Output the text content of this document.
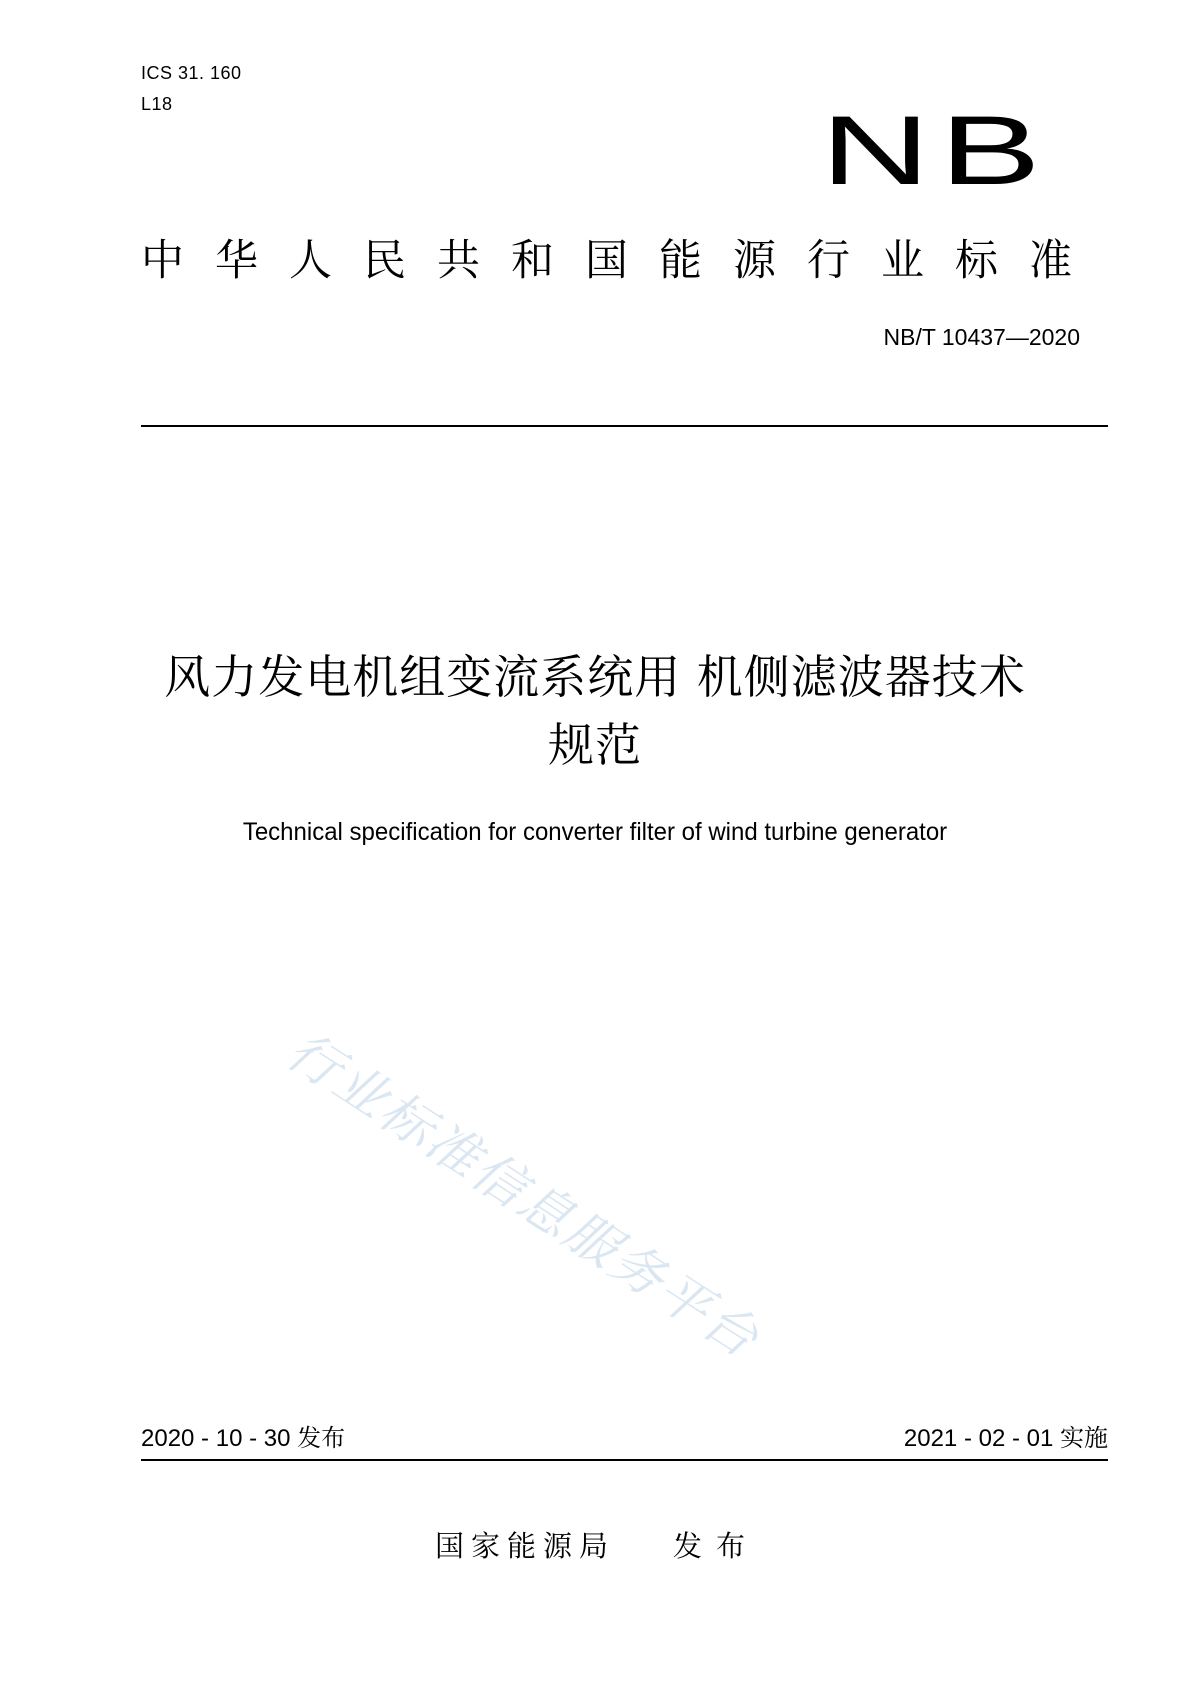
ICS 31. 160
L18	NB
中华人民共和国能源行业标准
NB/T 10437—2020
风力发电机组变流系统用 机侧滤波器技术
规范
Technical specification for converter filter of wind turbine generator
行业标准信息服务平台
2020 - 10 - 30 发布	2021 - 02 - 01 实施
国家能源局 发布
